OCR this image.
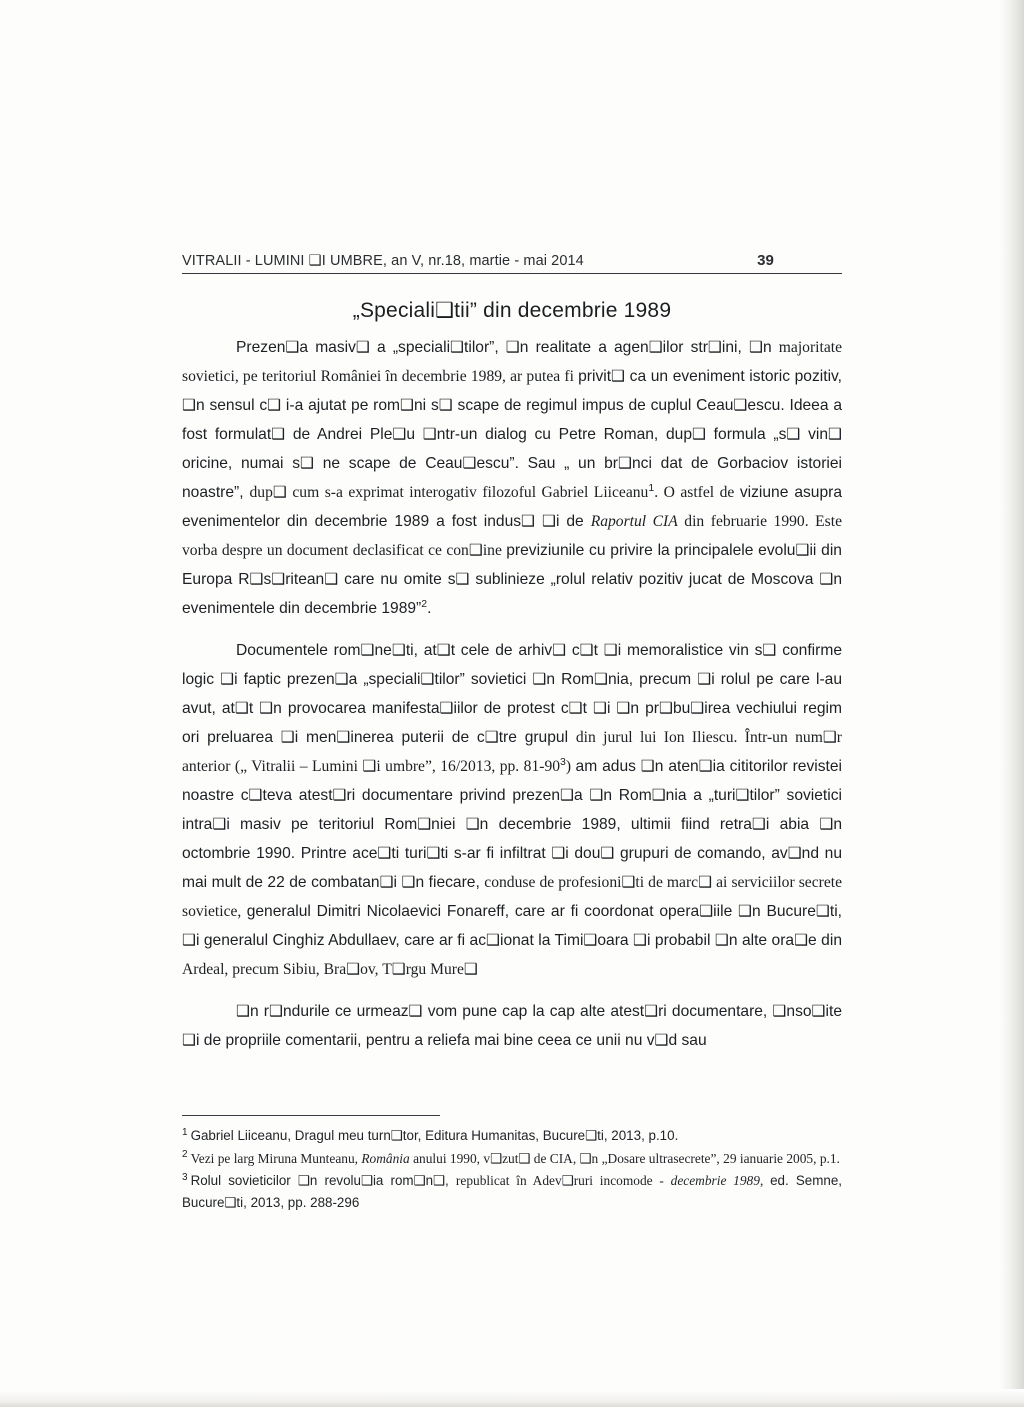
VITRALII - LUMINI ❑I UMBRE, an V, nr.18, martie - mai 2014	39
„Speciali❑tii” din decembrie 1989

Prezen❑a masiv❑ a „speciali❑tilor”, ❑n realitate a agen❑ilor str❑ini, ❑n majoritate sovietici, pe teritoriul României în decembrie 1989, ar putea fi privit❑ ca un eveniment istoric pozitiv, ❑n sensul c❑ i-a ajutat pe rom❑ni s❑ scape de regimul impus de cuplul Ceau❑escu. Ideea a fost formulat❑ de Andrei Ple❑u ❑ntr-un dialog cu Petre Roman, dup❑ formula „s❑ vin❑ oricine, numai s❑ ne scape de Ceau❑escu”. Sau „ un br❑nci dat de Gorbaciov istoriei noastre”, dup❑ cum s-a exprimat interogativ filozoful Gabriel Liiceanu$^1$. O astfel de viziune asupra evenimentelor din decembrie 1989 a fost indus❑ ❑i de Raportul CIA din februarie 1990. Este vorba despre un document declasificat ce con❑ine previziunile cu privire la principalele evolu❑ii din Europa R❑s❑ritean❑ care nu omite s❑ sublinieze „rolul relativ pozitiv jucat de Moscova ❑n evenimentele din decembrie 1989”$^2$.

Documentele rom❑ne❑ti, at❑t cele de arhiv❑ c❑t ❑i memoralistice vin s❑ confirme logic ❑i faptic prezen❑a „speciali❑tilor” sovietici ❑n Rom❑nia, precum ❑i rolul pe care l-au avut, at❑t ❑n provocarea manifesta❑iilor de protest c❑t ❑i ❑n pr❑bu❑irea vechiului regim ori preluarea ❑i men❑inerea puterii de c❑tre grupul din jurul lui Ion Iliescu. Într-un num❑r anterior („ Vitralii – Lumini ❑i umbre”, 16/2013, pp. $81-90^3$) am adus ❑n aten❑ia cititorilor revistei noastre c❑teva atest❑ri documentare privind prezen❑a ❑n Rom❑nia a „turi❑tilor” sovietici intra❑i masiv pe teritoriul Rom❑niei ❑n decembrie 1989, ultimii fiind retra❑i abia ❑n octombrie 1990. Printre ace❑ti turi❑ti s-ar fi infiltrat ❑i dou❑ grupuri de comando, av❑nd nu mai mult de 22 de combatan❑i ❑n fiecare, conduse de profesioni❑ti de marc❑ ai serviciilor secrete sovietice, generalul Dimitri Nicolaevici Fonareff, care ar fi coordonat opera❑iile ❑n Bucure❑ti, ❑i generalul Cinghiz Abdullaev, care ar fi ac❑ionat la Timi❑oara ❑i probabil ❑n alte ora❑e din Ardeal, precum Sibiu, Bra❑ov, T❑rgu Mure❑

❑n r❑ndurile ce urmeaz❑ vom pune cap la cap alte atest❑ri documentare, ❑nso❑ite ❑i de propriile comentarii, pentru a reliefa mai bine ceea ce unii nu v❑d sau

$^1$ Gabriel Liiceanu, Dragul meu turn❑tor, Editura Humanitas, Bucure❑ti, 2013, p.10.

$^2$ Vezi pe larg Miruna Munteanu, România anului 1990, v❑zut❑ de CIA, ❑n „Dosare ultrasecrete”, 29 ianuarie 2005, p.1.

$^3$ Rolul sovieticilor ❑n revolu❑ia rom❑n❑, republicat în Adev❑ruri incomode - decembrie 1989, ed. Semne, Bucure❑ti, 2013, pp. 288-296
